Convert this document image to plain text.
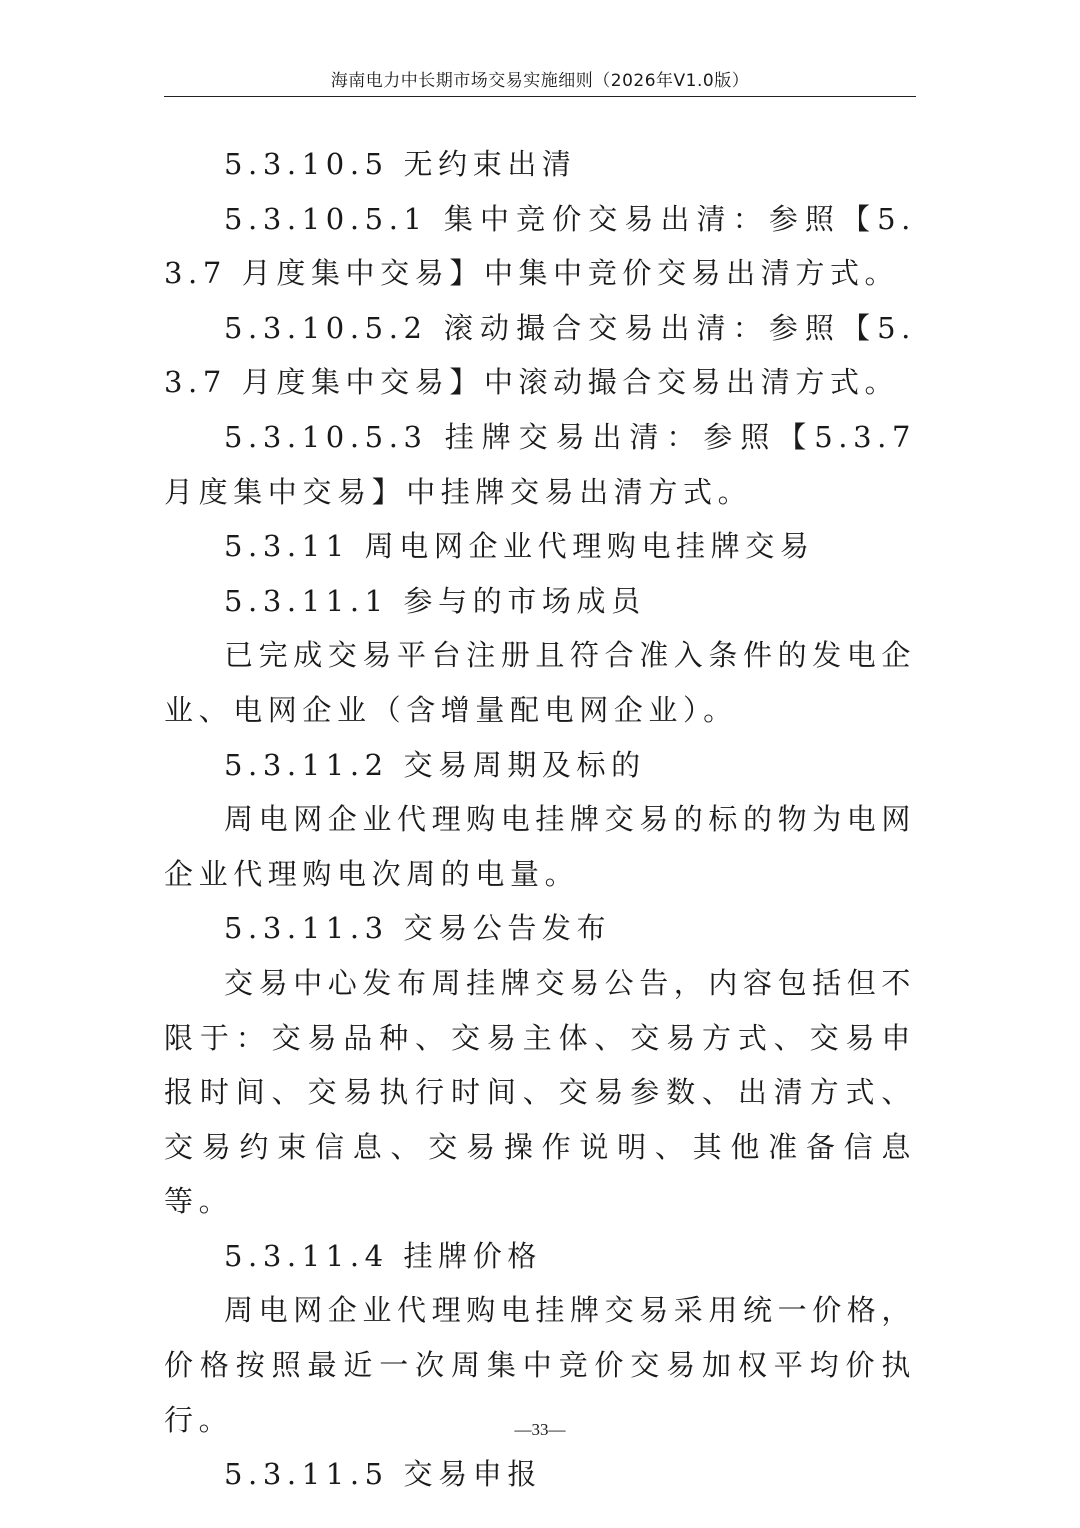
海南电力中长期市场交易实施细则（2026年V1.0版）

5.3.10.5 无约束出清

5.3.10.5.1 集中竞价交易出清：参照【5.3.7 月度集中交易】中集中竞价交易出清方式。

5.3.10.5.2 滚动撮合交易出清：参照【5.3.7 月度集中交易】中滚动撮合交易出清方式。

5.3.10.5.3 挂牌交易出清：参照【5.3.7 月度集中交易】中挂牌交易出清方式。

5.3.11 周电网企业代理购电挂牌交易

5.3.11.1 参与的市场成员

已完成交易平台注册且符合准入条件的发电企业、电网企业（含增量配电网企业）。

5.3.11.2 交易周期及标的

周电网企业代理购电挂牌交易的标的物为电网企业代理购电次周的电量。

5.3.11.3 交易公告发布

交易中心发布周挂牌交易公告，内容包括但不限于：交易品种、交易主体、交易方式、交易申报时间、交易执行时间、交易参数、出清方式、交易约束信息、交易操作说明、其他准备信息等。

5.3.11.4 挂牌价格

周电网企业代理购电挂牌交易采用统一价格，价格按照最近一次周集中竞价交易加权平均价执行。

5.3.11.5 交易申报

—33—
